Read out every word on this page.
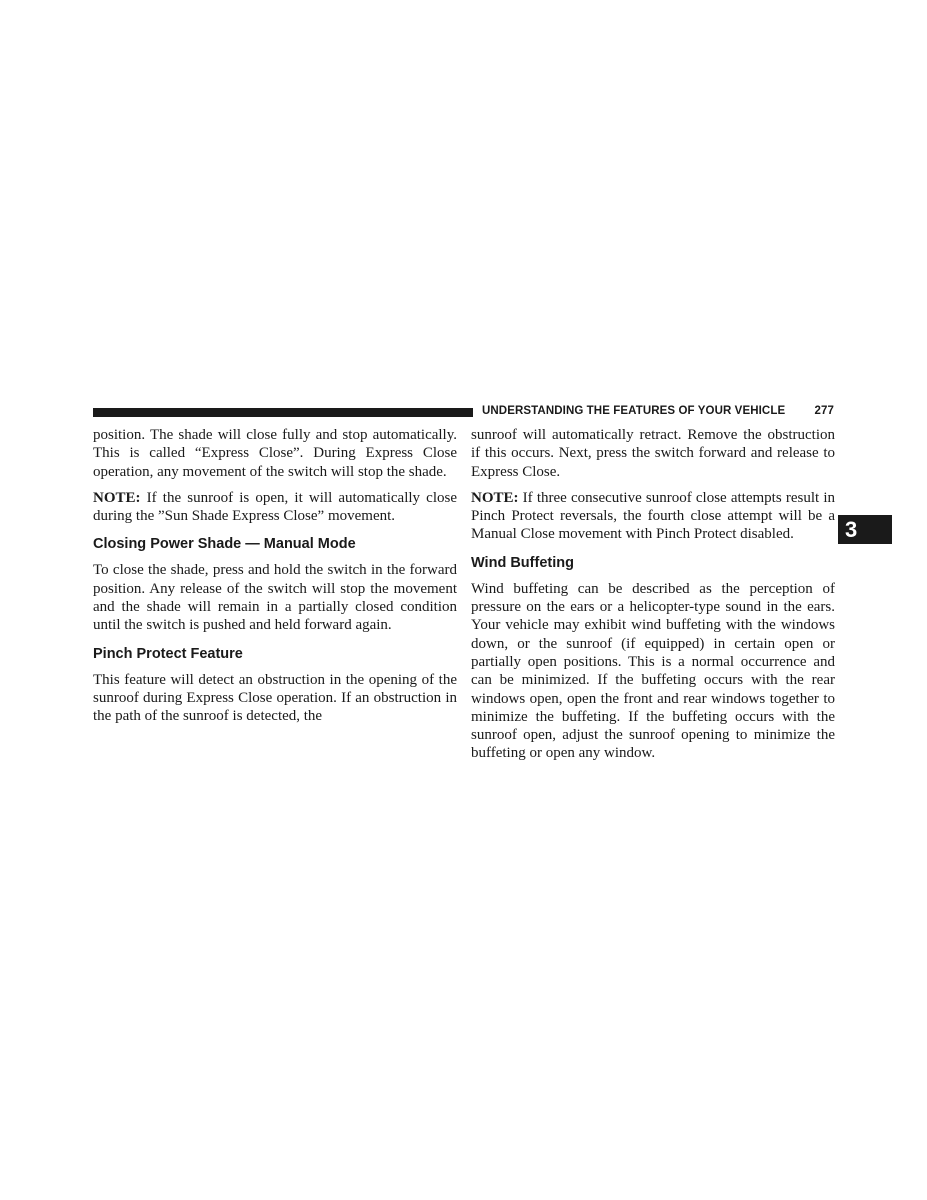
UNDERSTANDING THE FEATURES OF YOUR VEHICLE	277
3

position. The shade will close fully and stop automatically. This is called “Express Close”. During Express Close operation, any movement of the switch will stop the shade.

NOTE: If the sunroof is open, it will automatically close during the ”Sun Shade Express Close” movement.

Closing Power Shade — Manual Mode

To close the shade, press and hold the switch in the forward position. Any release of the switch will stop the movement and the shade will remain in a partially closed condition until the switch is pushed and held forward again.

Pinch Protect Feature

This feature will detect an obstruction in the opening of the sunroof during Express Close operation. If an obstruction in the path of the sunroof is detected, the

sunroof will automatically retract. Remove the obstruction if this occurs. Next, press the switch forward and release to Express Close.

NOTE: If three consecutive sunroof close attempts result in Pinch Protect reversals, the fourth close attempt will be a Manual Close movement with Pinch Protect disabled.

Wind Buffeting

Wind buffeting can be described as the perception of pressure on the ears or a helicopter-type sound in the ears. Your vehicle may exhibit wind buffeting with the windows down, or the sunroof (if equipped) in certain open or partially open positions. This is a normal occurrence and can be minimized. If the buffeting occurs with the rear windows open, open the front and rear windows together to minimize the buffeting. If the buffeting occurs with the sunroof open, adjust the sunroof opening to minimize the buffeting or open any window.
